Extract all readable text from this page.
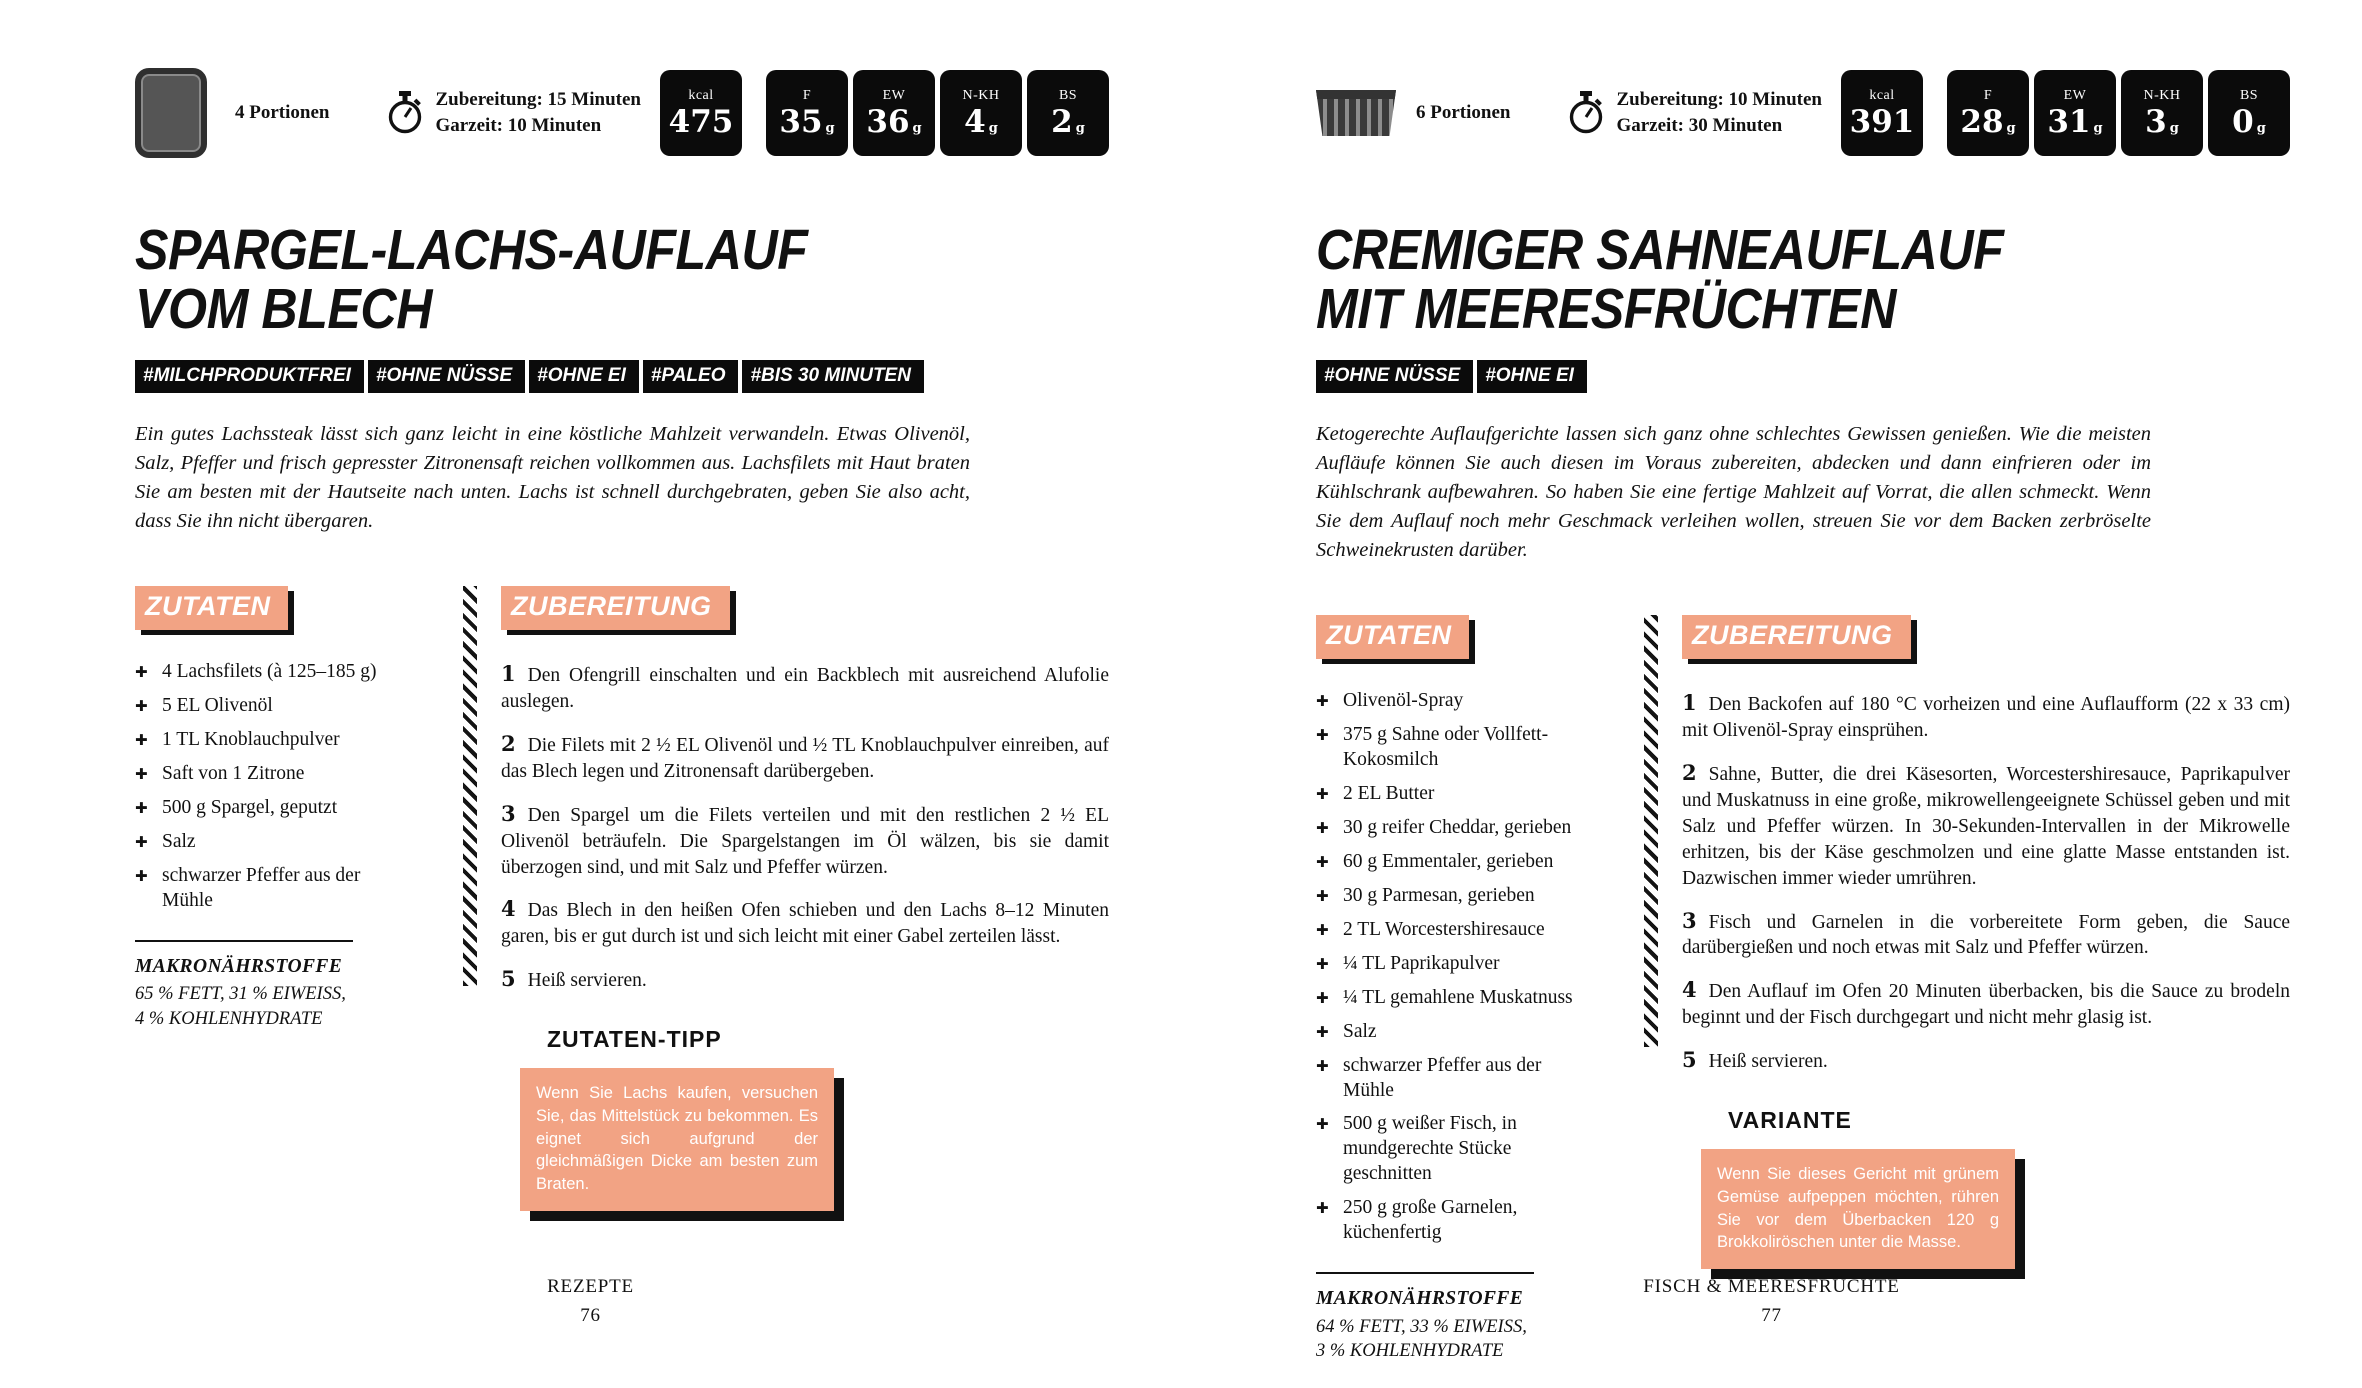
4 Portionen
Zubereitung: 15 Minuten
Garzeit: 10 Minuten
kcal
475
F
35 g
EW
36 g
N-KH
4 g
BS
2 g
SPARGEL-LACHS-AUFLAUF
VOM BLECH
#MILCHPRODUKTFREI	#OHNE NÜSSE	#OHNE EI	#PALEO	#BIS 30 MINUTEN

Ein gutes Lachssteak lässt sich ganz leicht in eine köstliche Mahlzeit verwandeln. Etwas Olivenöl, Salz, Pfeffer und frisch gepresster Zitronensaft reichen vollkommen aus. Lachsfilets mit Haut braten Sie am besten mit der Hautseite nach unten. Lachs ist schnell durchgebraten, geben Sie also acht, dass Sie ihn nicht übergaren.

ZUTATEN
✚ 4 Lachsfilets (à 125–185 g)
✚ 5 EL Olivenöl
✚ 1 TL Knoblauchpulver
✚ Saft von 1 Zitrone
✚ 500 g Spargel, geputzt
✚ Salz
✚ schwarzer Pfeffer aus der Mühle
MAKRONÄHRSTOFFE
65 % FETT, 31 % EIWEISS,
4 % KOHLENHYDRATE
ZUBEREITUNG

1 Den Ofengrill einschalten und ein Backblech mit ausreichend Alufolie auslegen.

2 Die Filets mit 2 ½ EL Olivenöl und ½ TL Knoblauchpulver einreiben, auf das Blech legen und Zitronensaft darübergeben.

3 Den Spargel um die Filets verteilen und mit den restlichen 2 ½ EL Olivenöl beträufeln. Die Spargelstangen im Öl wälzen, bis sie damit überzogen sind, und mit Salz und Pfeffer würzen.

4 Das Blech in den heißen Ofen schieben und den Lachs 8–12 Minuten garen, bis er gut durch ist und sich leicht mit einer Gabel zerteilen lässt.

5 Heiß servieren.

ZUTATEN-TIPP
Wenn Sie Lachs kaufen, versuchen Sie, das Mittelstück zu bekommen. Es eignet sich aufgrund der gleichmäßigen Dicke am besten zum Braten.
REZEPTE
76
6 Portionen
Zubereitung: 10 Minuten
Garzeit: 30 Minuten
kcal
391
F
28 g
EW
31 g
N-KH
3 g
BS
0 g
CREMIGER SAHNEAUFLAUF
MIT MEERESFRÜCHTEN
#OHNE NÜSSE	#OHNE EI

Ketogerechte Auflaufgerichte lassen sich ganz ohne schlechtes Gewissen genießen. Wie die meisten Aufläufe können Sie auch diesen im Voraus zubereiten, abdecken und dann einfrieren oder im Kühlschrank aufbewahren. So haben Sie eine fertige Mahlzeit auf Vorrat, die allen schmeckt. Wenn Sie dem Auflauf noch mehr Geschmack verleihen wollen, streuen Sie vor dem Backen zerbröselte Schweinekrusten darüber.

ZUTATEN
✚ Olivenöl-Spray
✚ 375 g Sahne oder Vollfett-Kokosmilch
✚ 2 EL Butter
✚ 30 g reifer Cheddar, gerieben
✚ 60 g Emmentaler, gerieben
✚ 30 g Parmesan, gerieben
✚ 2 TL Worcestershiresauce
✚ ¼ TL Paprikapulver
✚ ¼ TL gemahlene Muskatnuss
✚ Salz
✚ schwarzer Pfeffer aus der Mühle
✚ 500 g weißer Fisch, in mundgerechte Stücke geschnitten
✚ 250 g große Garnelen, küchenfertig
MAKRONÄHRSTOFFE
64 % FETT, 33 % EIWEISS,
3 % KOHLENHYDRATE
ZUBEREITUNG

1 Den Backofen auf 180 °C vorheizen und eine Auflaufform (22 x 33 cm) mit Olivenöl-Spray einsprühen.

2 Sahne, Butter, die drei Käsesorten, Worcestershiresauce, Paprikapulver und Muskatnuss in eine große, mikrowellengeeignete Schüssel geben und mit Salz und Pfeffer würzen. In 30-Sekunden-Intervallen in der Mikrowelle erhitzen, bis der Käse geschmolzen und eine glatte Masse entstanden ist. Dazwischen immer wieder umrühren.

3 Fisch und Garnelen in die vorbereitete Form geben, die Sauce darübergießen und noch etwas mit Salz und Pfeffer würzen.

4 Den Auflauf im Ofen 20 Minuten überbacken, bis die Sauce zu brodeln beginnt und der Fisch durchgegart und nicht mehr glasig ist.

5 Heiß servieren.

VARIANTE
Wenn Sie dieses Gericht mit grünem Gemüse aufpeppen möchten, rühren Sie vor dem Überbacken 120 g Brokkoliröschen unter die Masse.
FISCH & MEERESFRÜCHTE
77
